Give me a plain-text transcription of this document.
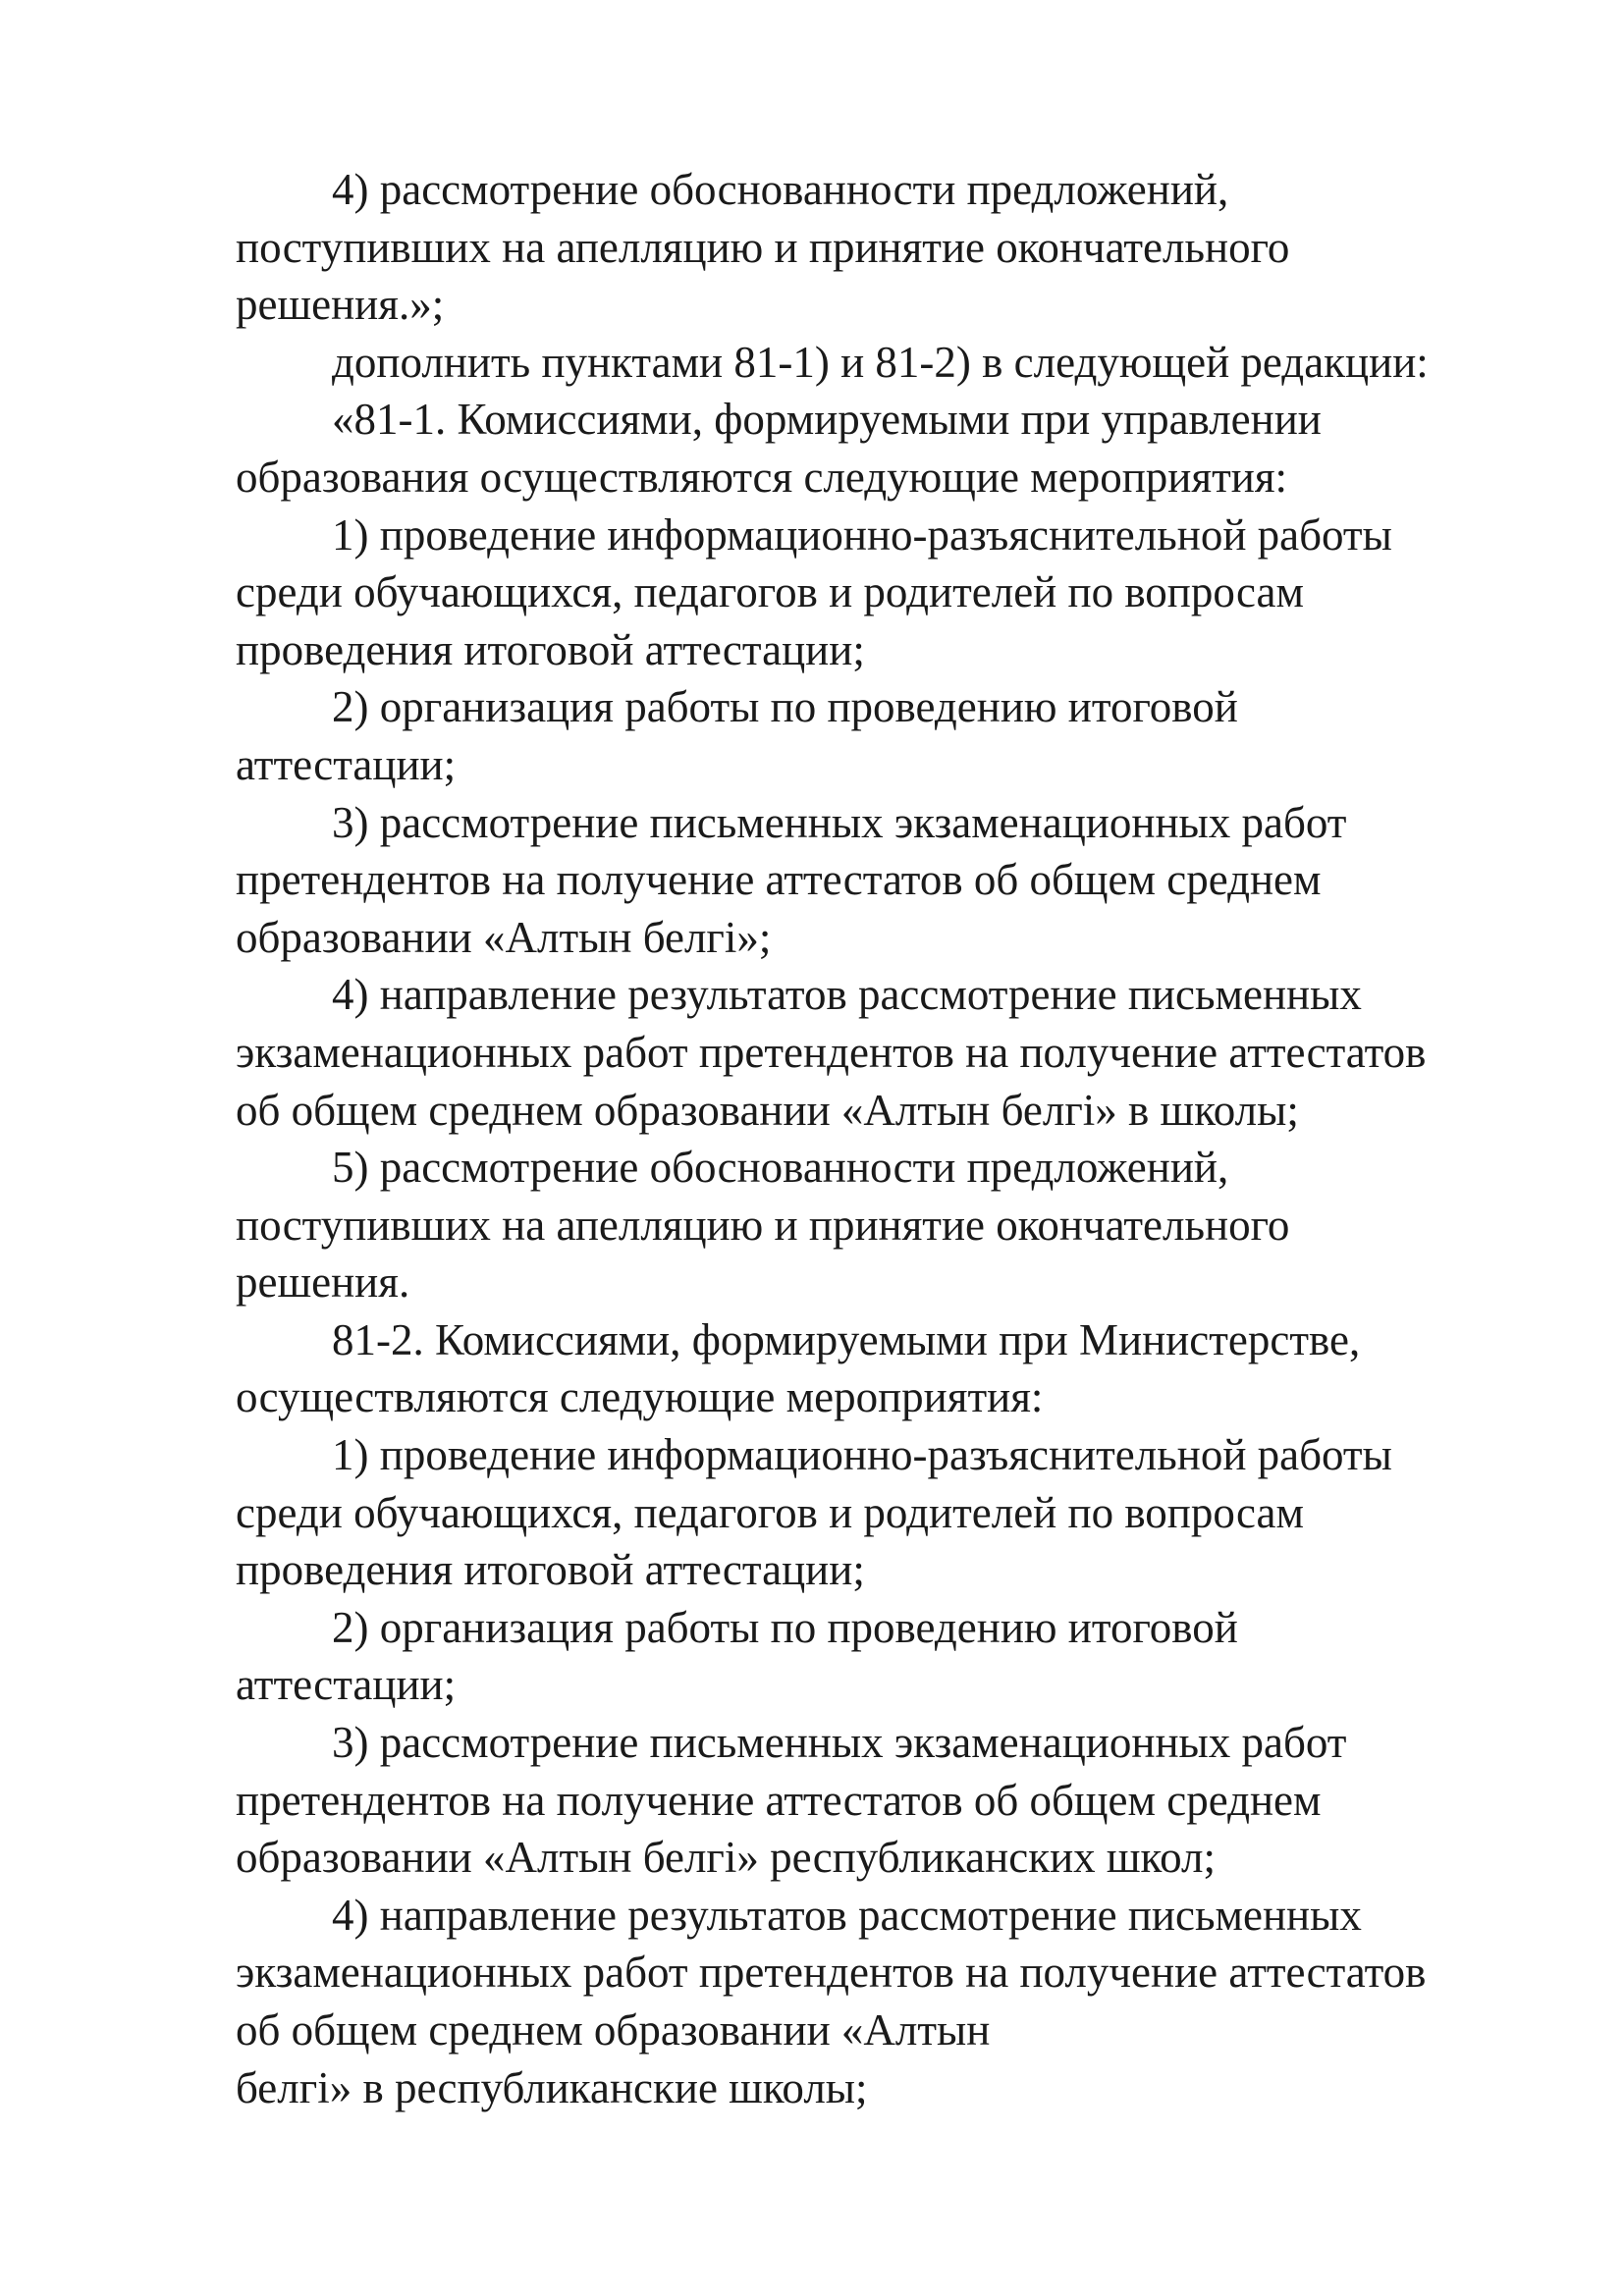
4) рассмотрение обоснованности предложений,
поступивших на апелляцию и принятие окончательного
решения.»;

дополнить пунктами 81-1) и 81-2) в следующей редакции:

«81-1. Комиссиями, формируемыми при управлении
образования осуществляются следующие мероприятия:

1) проведение информационно-разъяснительной работы
среди обучающихся, педагогов и родителей по вопросам
проведения итоговой аттестации;

2) организация работы по проведению итоговой
аттестации;

3) рассмотрение письменных экзаменационных работ
претендентов на получение аттестатов об общем среднем
образовании «Алтын белгі»;

4) направление результатов рассмотрение письменных
экзаменационных работ претендентов на получение аттестатов
об общем среднем образовании «Алтын белгі» в школы;

5) рассмотрение обоснованности предложений,
поступивших на апелляцию и принятие окончательного
решения.

81-2. Комиссиями, формируемыми при Министерстве,
осуществляются следующие мероприятия:

1) проведение информационно-разъяснительной работы
среди обучающихся, педагогов и родителей по вопросам
проведения итоговой аттестации;

2) организация работы по проведению итоговой
аттестации;

3) рассмотрение письменных экзаменационных работ
претендентов на получение аттестатов об общем среднем
образовании «Алтын белгі» республиканских школ;

4) направление результатов рассмотрение письменных
экзаменационных работ претендентов на получение аттестатов
об общем среднем образовании «Алтын
белгі» в республиканские школы;
